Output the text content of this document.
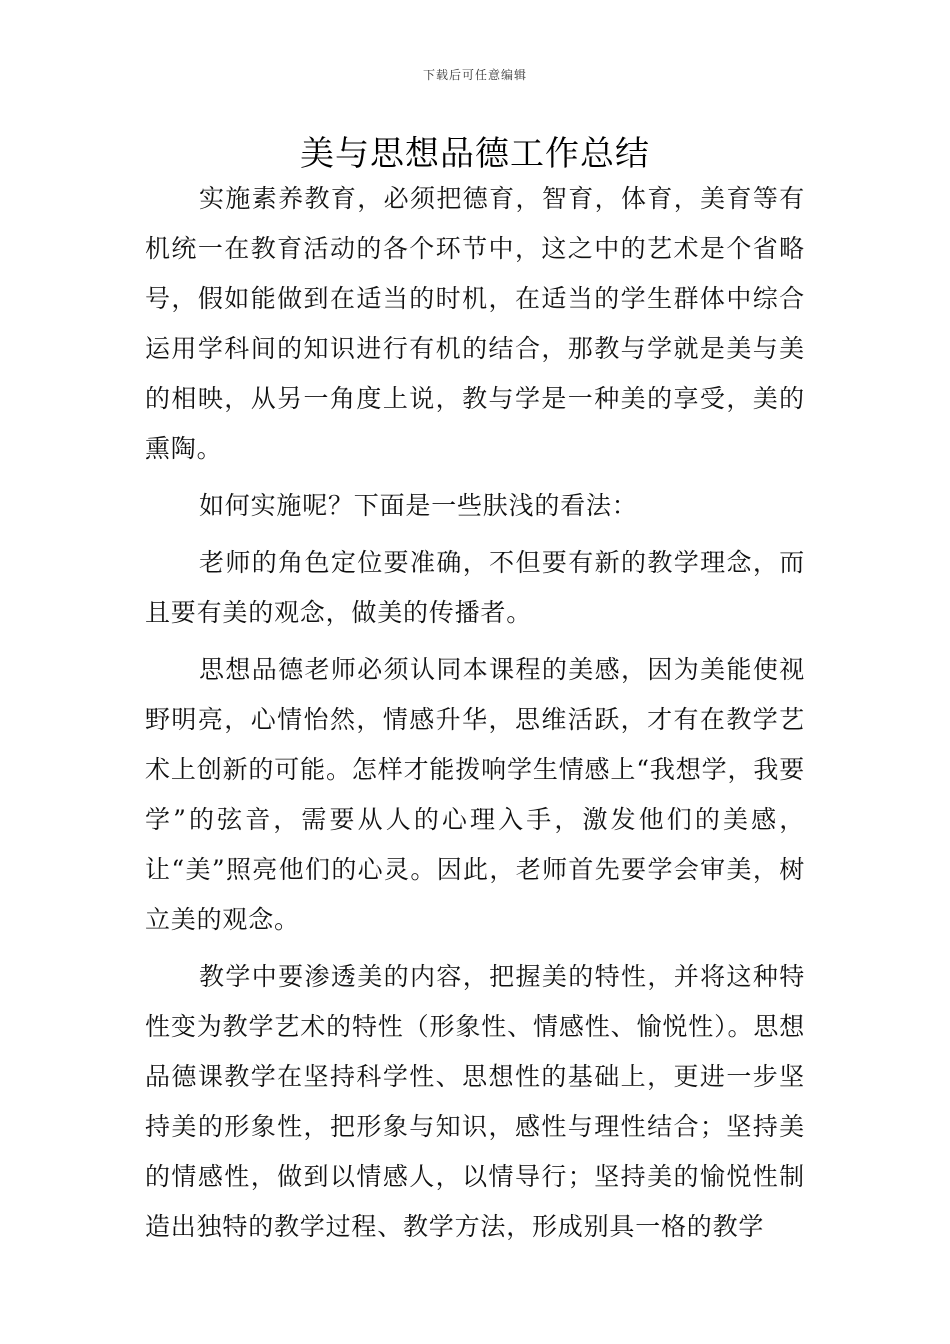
下载后可任意编辑
美与思想品德工作总结

实施素养教育，必须把德育，智育，体育，美育等有机统一在教育活动的各个环节中，这之中的艺术是个省略号，假如能做到在适当的时机，在适当的学生群体中综合运用学科间的知识进行有机的结合，那教与学就是美与美的相映，从另一角度上说，教与学是一种美的享受，美的熏陶。

如何实施呢？下面是一些肤浅的看法：

老师的角色定位要准确，不但要有新的教学理念，而且要有美的观念，做美的传播者。

思想品德老师必须认同本课程的美感，因为美能使视野明亮，心情怡然，情感升华，思维活跃，才有在教学艺术上创新的可能。怎样才能拨响学生情感上“我想学，我要学”的弦音，需要从人的心理入手，激发他们的美感，让“美”照亮他们的心灵。因此，老师首先要学会审美，树立美的观念。

教学中要渗透美的内容，把握美的特性，并将这种特性变为教学艺术的特性（形象性、情感性、愉悦性）。思想品德课教学在坚持科学性、思想性的基础上，更进一步坚持美的形象性，把形象与知识，感性与理性结合；坚持美的情感性，做到以情感人，以情导行；坚持美的愉悦性制造出独特的教学过程、教学方法，形成别具一格的教学
